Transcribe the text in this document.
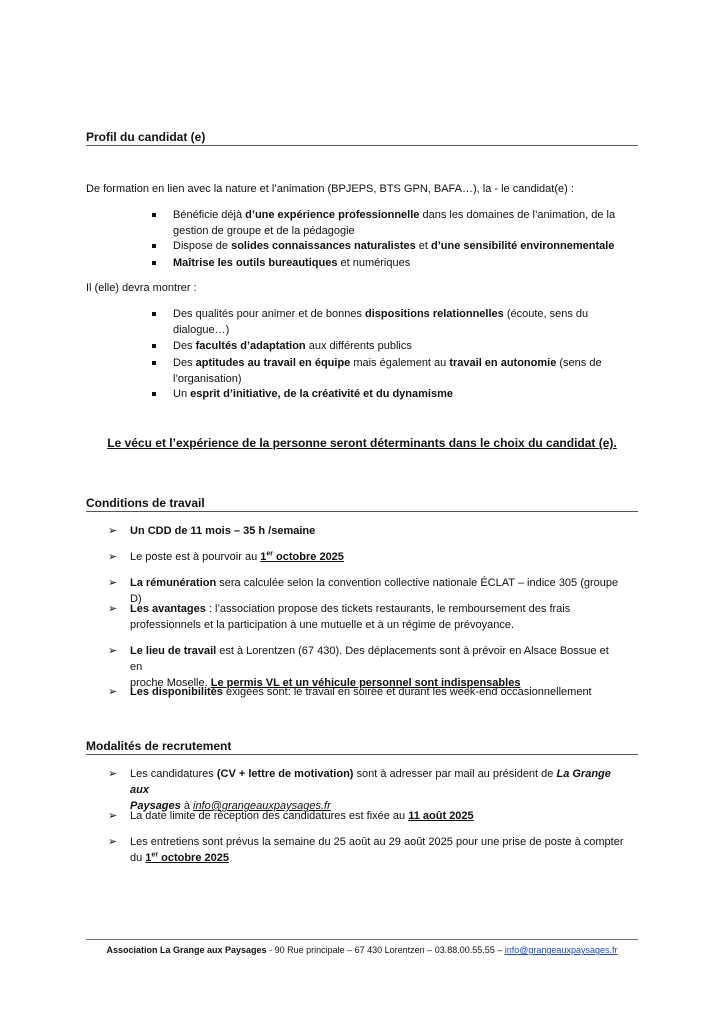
Profil du candidat (e)
De formation en lien avec la nature et l’animation (BPJEPS, BTS GPN, BAFA…), la - le candidat(e) :
Bénéficie déjà d’une expérience professionnelle dans les domaines de l’animation, de la
gestion de groupe et de la pédagogie
Dispose de solides connaissances naturalistes et d’une sensibilité environnementale
Maîtrise les outils bureautiques et numériques
Il (elle) devra montrer :
Des qualités pour animer et de bonnes dispositions relationnelles (écoute, sens du
dialogue…)
Des facultés d’adaptation aux différents publics
Des aptitudes au travail en équipe mais également au travail en autonomie (sens de
l’organisation)
Un esprit d’initiative, de la créativité et du dynamisme
Le vécu et l’expérience de la personne seront déterminants dans le choix du candidat (e).
Conditions de travail
➢ Un CDD de 11 mois – 35 h /semaine
➢ Le poste est à pourvoir au 1er octobre 2025
➢ La rémunération sera calculée selon la convention collective nationale ÉCLAT – indice 305 (groupe D)
➢ Les avantages : l’association propose des tickets restaurants, le remboursement des frais
professionnels et la participation à une mutuelle et à un régime de prévoyance.
➢ Le lieu de travail est à Lorentzen (67 430). Des déplacements sont à prévoir en Alsace Bossue et en
proche Moselle. Le permis VL et un véhicule personnel sont indispensables
➢ Les disponibilités exigées sont: le travail en soirée et durant les week-end occasionnellement
Modalités de recrutement
➢ Les candidatures (CV + lettre de motivation) sont à adresser par mail au président de La Grange aux
Paysages à info@grangeauxpaysages.fr
➢ La date limite de réception des candidatures est fixée au 11 août 2025
➢ Les entretiens sont prévus la semaine du 25 août au 29 août 2025 pour une prise de poste à compter
du 1er octobre 2025
Association La Grange aux Paysages - 90 Rue principale – 67 430 Lorentzen – 03.88.00.55.55 – info@grangeauxpaysages.fr
